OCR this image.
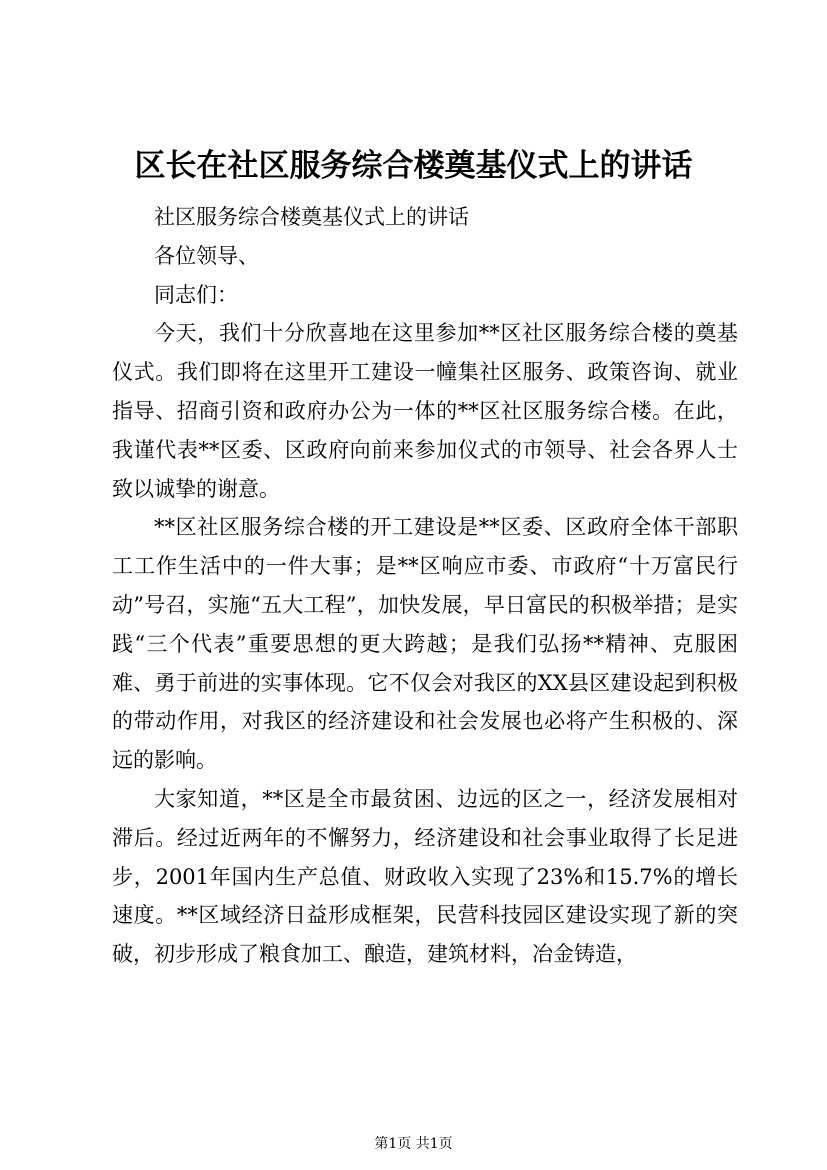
区长在社区服务综合楼奠基仪式上的讲话

社区服务综合楼奠基仪式上的讲话

各位领导、

同志们：

今天，我们十分欣喜地在这里参加**区社区服务综合楼的奠基仪式。我们即将在这里开工建设一幢集社区服务、政策咨询、就业指导、招商引资和政府办公为一体的**区社区服务综合楼。在此，我谨代表**区委、区政府向前来参加仪式的市领导、社会各界人士致以诚挚的谢意。

**区社区服务综合楼的开工建设是**区委、区政府全体干部职工工作生活中的一件大事；是**区响应市委、市政府“十万富民行动”号召，实施“五大工程”，加快发展，早日富民的积极举措；是实践“三个代表”重要思想的更大跨越；是我们弘扬**精神、克服困难、勇于前进的实事体现。它不仅会对我区的XX县区建设起到积极的带动作用，对我区的经济建设和社会发展也必将产生积极的、深远的影响。

大家知道，**区是全市最贫困、边远的区之一，经济发展相对滞后。经过近两年的不懈努力，经济建设和社会事业取得了长足进步，2001年国内生产总值、财政收入实现了23%和15.7%的增长速度。**区域经济日益形成框架，民营科技园区建设实现了新的突破，初步形成了粮食加工、酿造，建筑材料，冶金铸造，

第1页 共1页
